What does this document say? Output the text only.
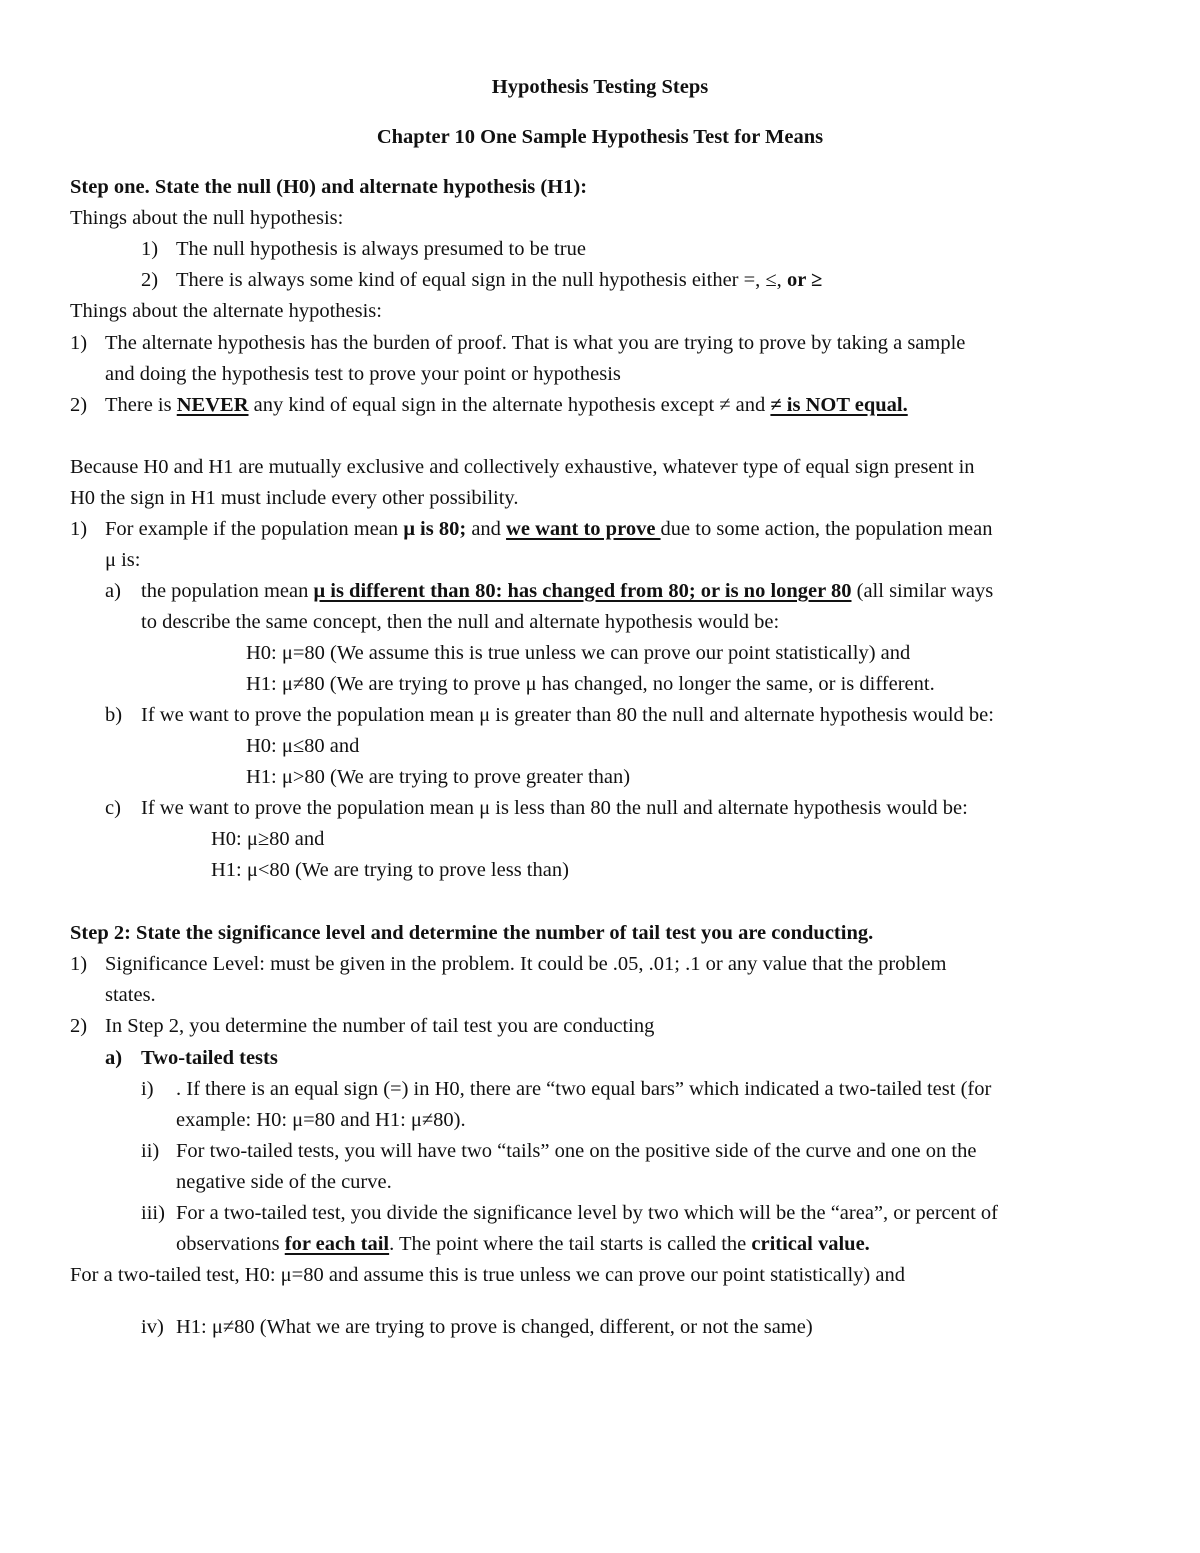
Hypothesis Testing Steps
Chapter 10 One Sample Hypothesis Test for Means
Step one. State the null (H0) and alternate hypothesis (H1):
Things about the null hypothesis:
1) The null hypothesis is always presumed to be true
2) There is always some kind of equal sign in the null hypothesis either =, ≤, or ≥
Things about the alternate hypothesis:
1) The alternate hypothesis has the burden of proof. That is what you are trying to prove by taking a sample
and doing the hypothesis test to prove your point or hypothesis
2) There is NEVER any kind of equal sign in the alternate hypothesis except ≠ and ≠ is NOT equal.
Because H0 and H1 are mutually exclusive and collectively exhaustive, whatever type of equal sign present in
H0 the sign in H1 must include every other possibility.
1) For example if the population mean μ is 80; and we want to prove due to some action, the population mean
μ is:
a) the population mean μ is different than 80: has changed from 80; or is no longer 80 (all similar ways
to describe the same concept, then the null and alternate hypothesis would be:
H0: μ=80 (We assume this is true unless we can prove our point statistically) and
H1: μ≠80 (We are trying to prove μ has changed, no longer the same, or is different.
b) If we want to prove the population mean μ is greater than 80 the null and alternate hypothesis would be:
H0: μ≤80 and
H1: μ>80 (We are trying to prove greater than)
c) If we want to prove the population mean μ is less than 80 the null and alternate hypothesis would be:
H0: μ≥80 and
H1: μ<80 (We are trying to prove less than)
Step 2: State the significance level and determine the number of tail test you are conducting.
1) Significance Level: must be given in the problem. It could be .05, .01; .1 or any value that the problem
states.
2) In Step 2, you determine the number of tail test you are conducting
a) Two-tailed tests
i) . If there is an equal sign (=) in H0, there are “two equal bars” which indicated a two-tailed test (for
example: H0: μ=80 and H1: μ≠80).
ii) For two-tailed tests, you will have two “tails” one on the positive side of the curve and one on the
negative side of the curve.
iii) For a two-tailed test, you divide the significance level by two which will be the “area”, or percent of
observations for each tail. The point where the tail starts is called the critical value.
For a two-tailed test, H0: μ=80 and assume this is true unless we can prove our point statistically) and
iv) H1: μ≠80 (What we are trying to prove is changed, different, or not the same)
